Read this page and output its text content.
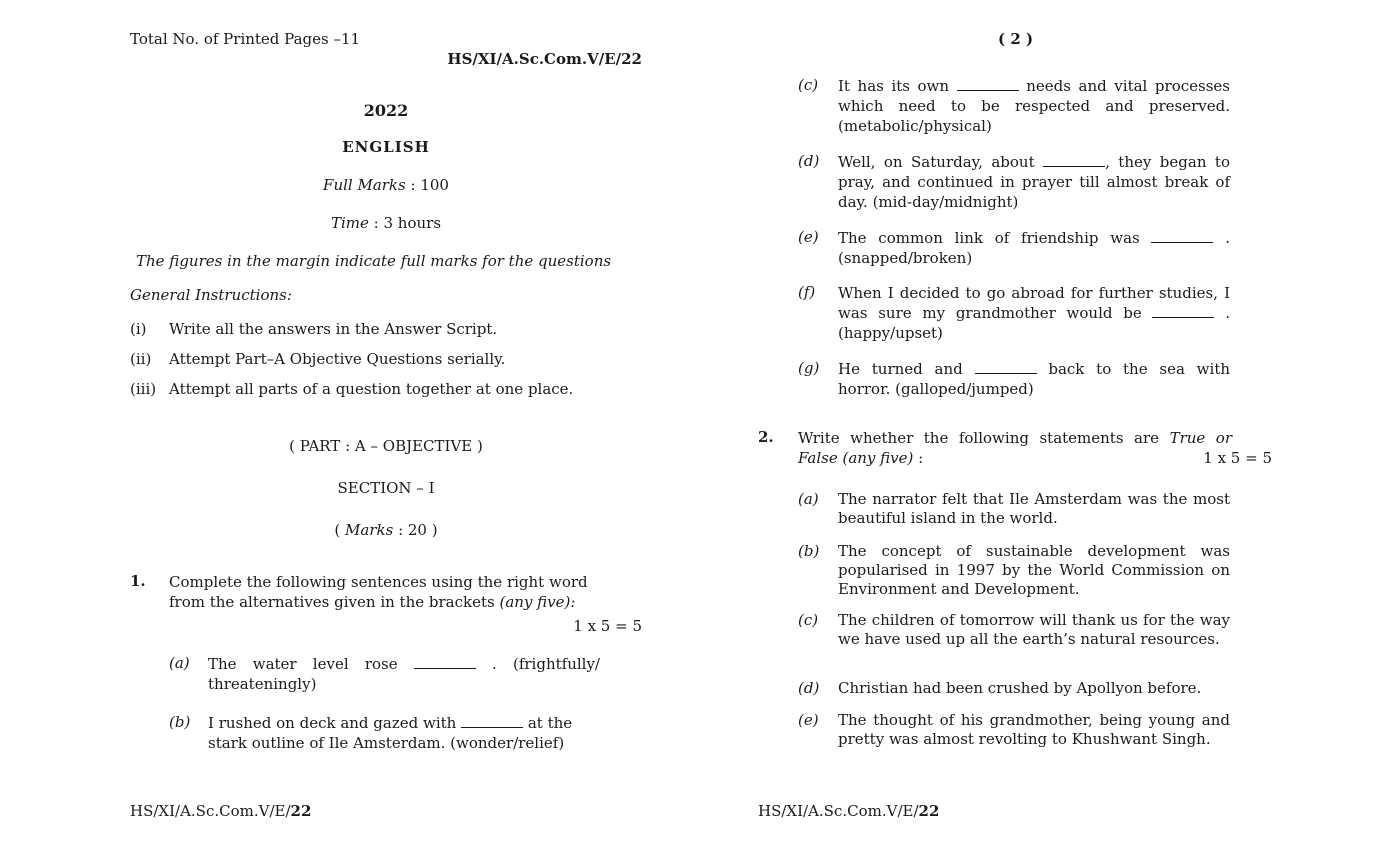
Total No. of Printed Pages –11
HS/XI/A.Sc.Com.V/E/22
2022
ENGLISH
Full Marks : 100
Time : 3 hours
The figures in the margin indicate full marks for the questions
General Instructions:
(i) Write all the answers in the Answer Script.
(ii) Attempt Part–A Objective Questions serially.
(iii) Attempt all parts of a question together at one place.
( PART : A – OBJECTIVE )
SECTION – I
( Marks : 20 )
1. Complete the following sentences using the right word from the alternatives given in the brackets (any five):
1 x 5 = 5
(a) The water level rose	. (frightfully/ threateningly)
(b) I rushed on deck and gazed with	at the stark outline of Ile Amsterdam. (wonder/relief)
HS/XI/A.Sc.Com.V/E/22
( 2 )
(c) It has its own	needs and vital processes which need to be respected and preserved. (metabolic/physical)
(d) Well, on Saturday, about	, they began to pray, and continued in prayer till almost break of day. (mid-day/midnight)
(e) The common link of friendship was	. (snapped/broken)
(f) When I decided to go abroad for further studies, I was sure my grandmother would be	. (happy/upset)
(g) He turned and	back to the sea with horror. (galloped/jumped)
2. Write whether the following statements are True or False (any five) :	1 x 5 = 5
(a) The narrator felt that Ile Amsterdam was the most beautiful island in the world.
(b) The concept of sustainable development was popularised in 1997 by the World Commission on Environment and Development.
(c) The children of tomorrow will thank us for the way we have used up all the earth’s natural resources.
(d) Christian had been crushed by Apollyon before.
(e) The thought of his grandmother, being young and pretty was almost revolting to Khushwant Singh.
HS/XI/A.Sc.Com.V/E/22
